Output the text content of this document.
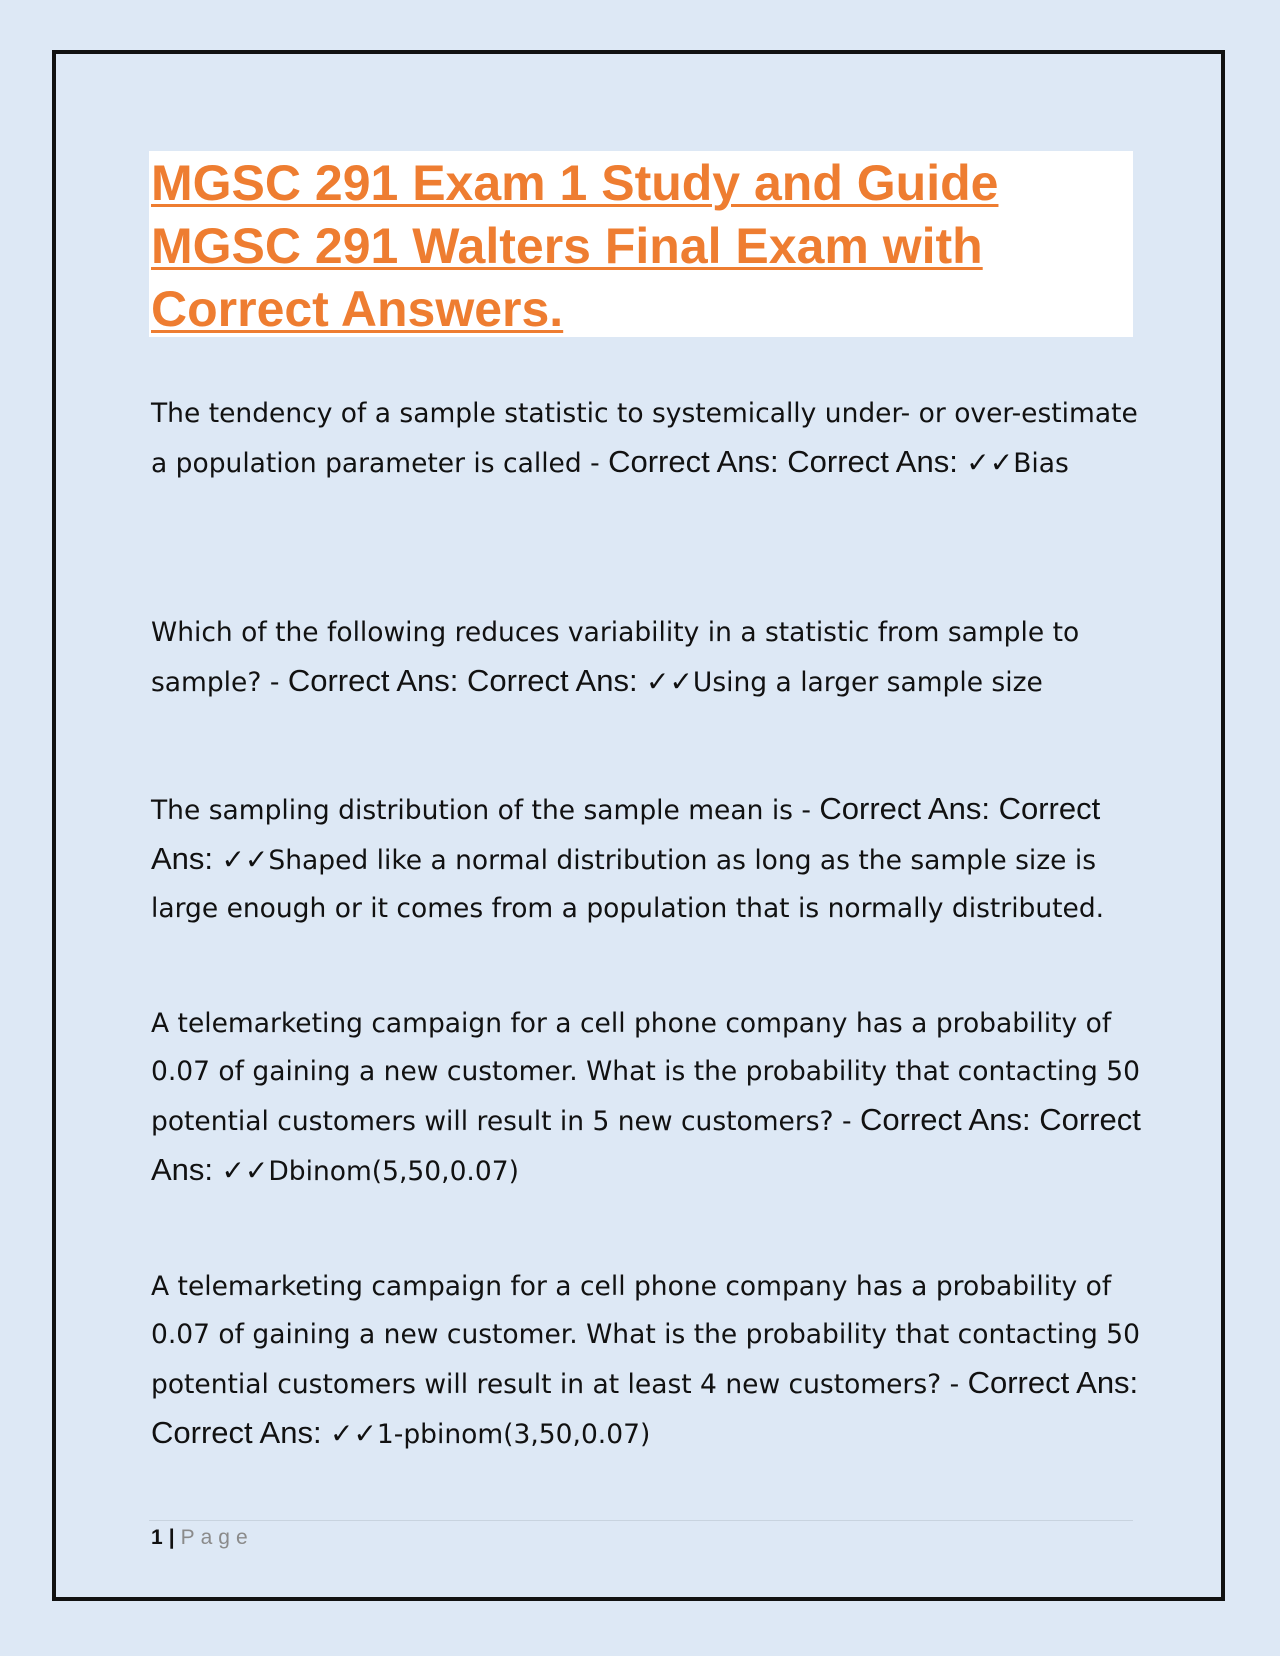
MGSC 291 Exam 1 Study and Guide
MGSC 291 Walters Final Exam with
Correct Answers.

The tendency of a sample statistic to systemically under- or over-estimate a population parameter is called - Correct Ans: Correct Ans: ✓✓Bias

Which of the following reduces variability in a statistic from sample to sample? - Correct Ans: Correct Ans: ✓✓Using a larger sample size

The sampling distribution of the sample mean is - Correct Ans: Correct Ans: ✓✓Shaped like a normal distribution as long as the sample size is large enough or it comes from a population that is normally distributed.

A telemarketing campaign for a cell phone company has a probability of 0.07 of gaining a new customer. What is the probability that contacting 50 potential customers will result in 5 new customers? - Correct Ans: Correct Ans: ✓✓Dbinom(5,50,0.07)

A telemarketing campaign for a cell phone company has a probability of 0.07 of gaining a new customer. What is the probability that contacting 50 potential customers will result in at least 4 new customers? - Correct Ans: Correct Ans: ✓✓1-pbinom(3,50,0.07)

1 | Page
